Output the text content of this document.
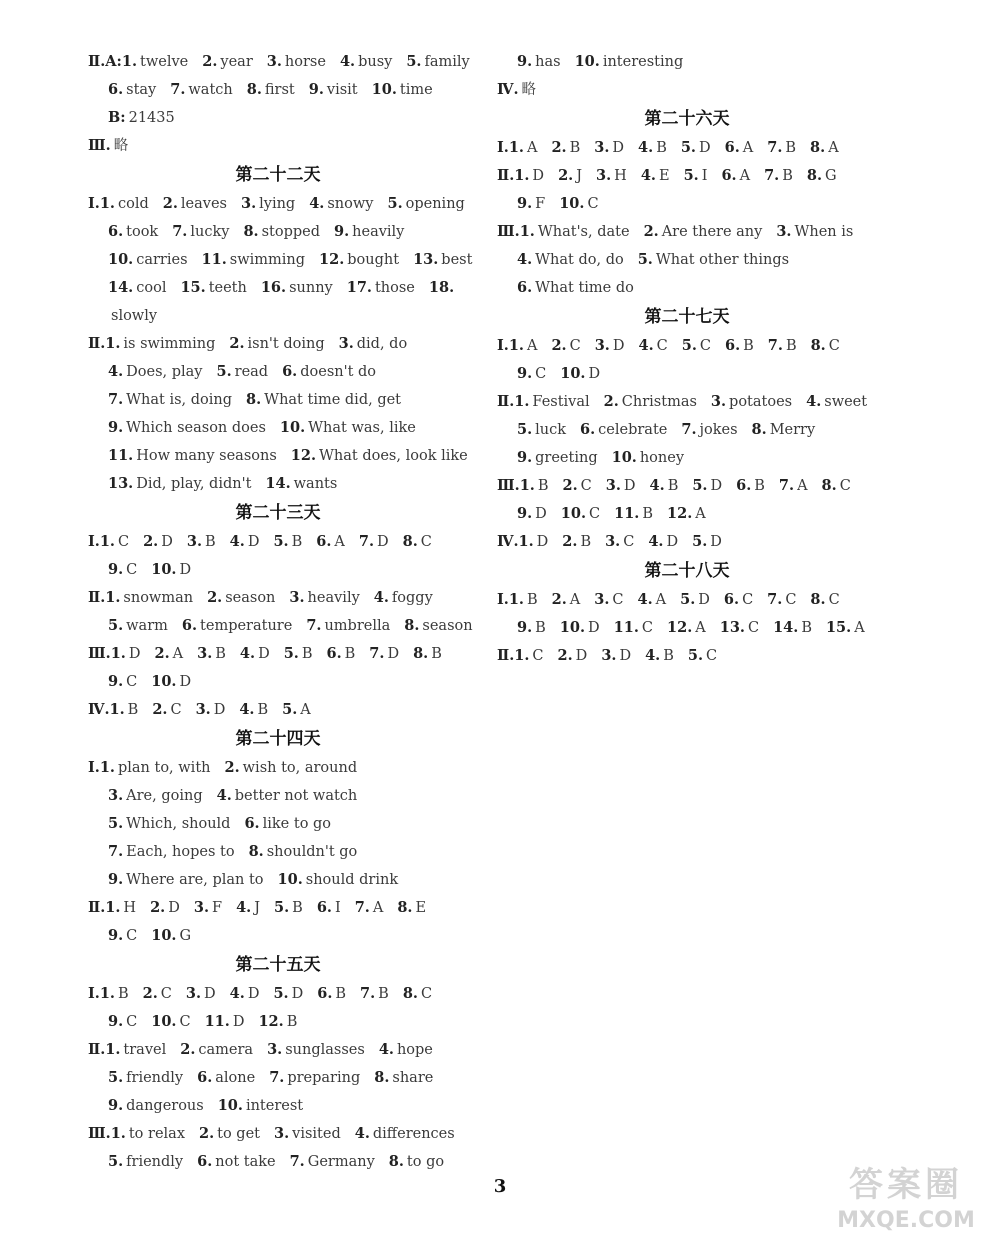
Ⅱ.A:1. twelve 2. year 3. horse 4. busy 5. family
6. stay 7. watch 8. first 9. visit 10. time
B: 21435
Ⅲ. 略
第二十二天
Ⅰ.1. cold 2. leaves 3. lying 4. snowy 5. opening
6. took 7. lucky 8. stopped 9. heavily
10. carries 11. swimming 12. bought 13. best
14. cool 15. teeth 16. sunny 17. those 18.
slowly
Ⅱ.1. is swimming 2. isn't doing 3. did, do
4. Does, play 5. read 6. doesn't do
7. What is, doing 8. What time did, get
9. Which season does 10. What was, like
11. How many seasons 12. What does, look like
13. Did, play, didn't 14. wants
第二十三天
Ⅰ.1. C 2. D 3. B 4. D 5. B 6. A 7. D 8. C
9. C 10. D
Ⅱ.1. snowman 2. season 3. heavily 4. foggy
5. warm 6. temperature 7. umbrella 8. season
Ⅲ.1. D 2. A 3. B 4. D 5. B 6. B 7. D 8. B
9. C 10. D
Ⅳ.1. B 2. C 3. D 4. B 5. A
第二十四天
Ⅰ.1. plan to, with 2. wish to, around
3. Are, going 4. better not watch
5. Which, should 6. like to go
7. Each, hopes to 8. shouldn't go
9. Where are, plan to 10. should drink
Ⅱ.1. H 2. D 3. F 4. J 5. B 6. I 7. A 8. E
9. C 10. G
第二十五天
Ⅰ.1. B 2. C 3. D 4. D 5. D 6. B 7. B 8. C
9. C 10. C 11. D 12. B
Ⅱ.1. travel 2. camera 3. sunglasses 4. hope
5. friendly 6. alone 7. preparing 8. share
9. dangerous 10. interest
Ⅲ.1. to relax 2. to get 3. visited 4. differences
5. friendly 6. not take 7. Germany 8. to go
9. has 10. interesting
Ⅳ. 略
第二十六天
Ⅰ.1. A 2. B 3. D 4. B 5. D 6. A 7. B 8. A
Ⅱ.1. D 2. J 3. H 4. E 5. I 6. A 7. B 8. G
9. F 10. C
Ⅲ.1. What's, date 2. Are there any 3. When is
4. What do, do 5. What other things
6. What time do
第二十七天
Ⅰ.1. A 2. C 3. D 4. C 5. C 6. B 7. B 8. C
9. C 10. D
Ⅱ.1. Festival 2. Christmas 3. potatoes 4. sweet
5. luck 6. celebrate 7. jokes 8. Merry
9. greeting 10. honey
Ⅲ.1. B 2. C 3. D 4. B 5. D 6. B 7. A 8. C
9. D 10. C 11. B 12. A
Ⅳ.1. D 2. B 3. C 4. D 5. D
第二十八天
Ⅰ.1. B 2. A 3. C 4. A 5. D 6. C 7. C 8. C
9. B 10. D 11. C 12. A 13. C 14. B 15. A
Ⅱ.1. C 2. D 3. D 4. B 5. C
3	答案圈
MXQE.COM
